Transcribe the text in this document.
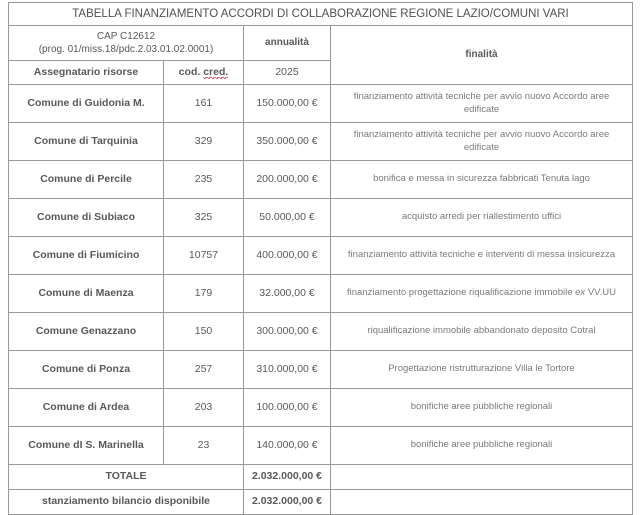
TABELLA FINANZIAMENTO ACCORDI DI COLLABORAZIONE REGIONE LAZIO/COMUNI VARI			
CAP C12612
(prog. 01/miss.18/pdc.2.03.01.02.0001)		annualità	finalità
Assegnatario risorse	cod. cred.	2025	
Comune di Guidonia M.	161	150.000,00 €	finanziamento attività tecniche per avvio nuovo Accordo aree edificate
Comune di Tarquinia	329	350.000,00 €	finanziamento attività tecniche per avvio nuovo Accordo aree edificate
Comune di Percile	235	200.000,00 €	bonifica e messa in sicurezza fabbricati Tenuta lago
Comune di Subiaco	325	50.000,00 €	acquisto arredi per riallestimento uffici
Comune di Fiumicino	10757	400.000,00 €	finanziamento attività tecniche e interventi di messa insicurezza
Comune di Maenza	179	32.000,00 €	finanziamento progettazione riqualificazione immobile ex VV.UU
Comune Genazzano	150	300.000,00 €	riqualificazione immobile abbandonato deposito Cotral
Comune di Ponza	257	310.000,00 €	Progettazione ristrutturazione Villa le Tortore
Comune di Ardea	203	100.000,00 €	bonifiche aree pubbliche regionali
Comune dI S. Marinella	23	140.000,00 €	bonifiche aree pubbliche regionali
TOTALE		2.032.000,00 €	
stanziamento bilancio disponibile		2.032.000,00 €	
